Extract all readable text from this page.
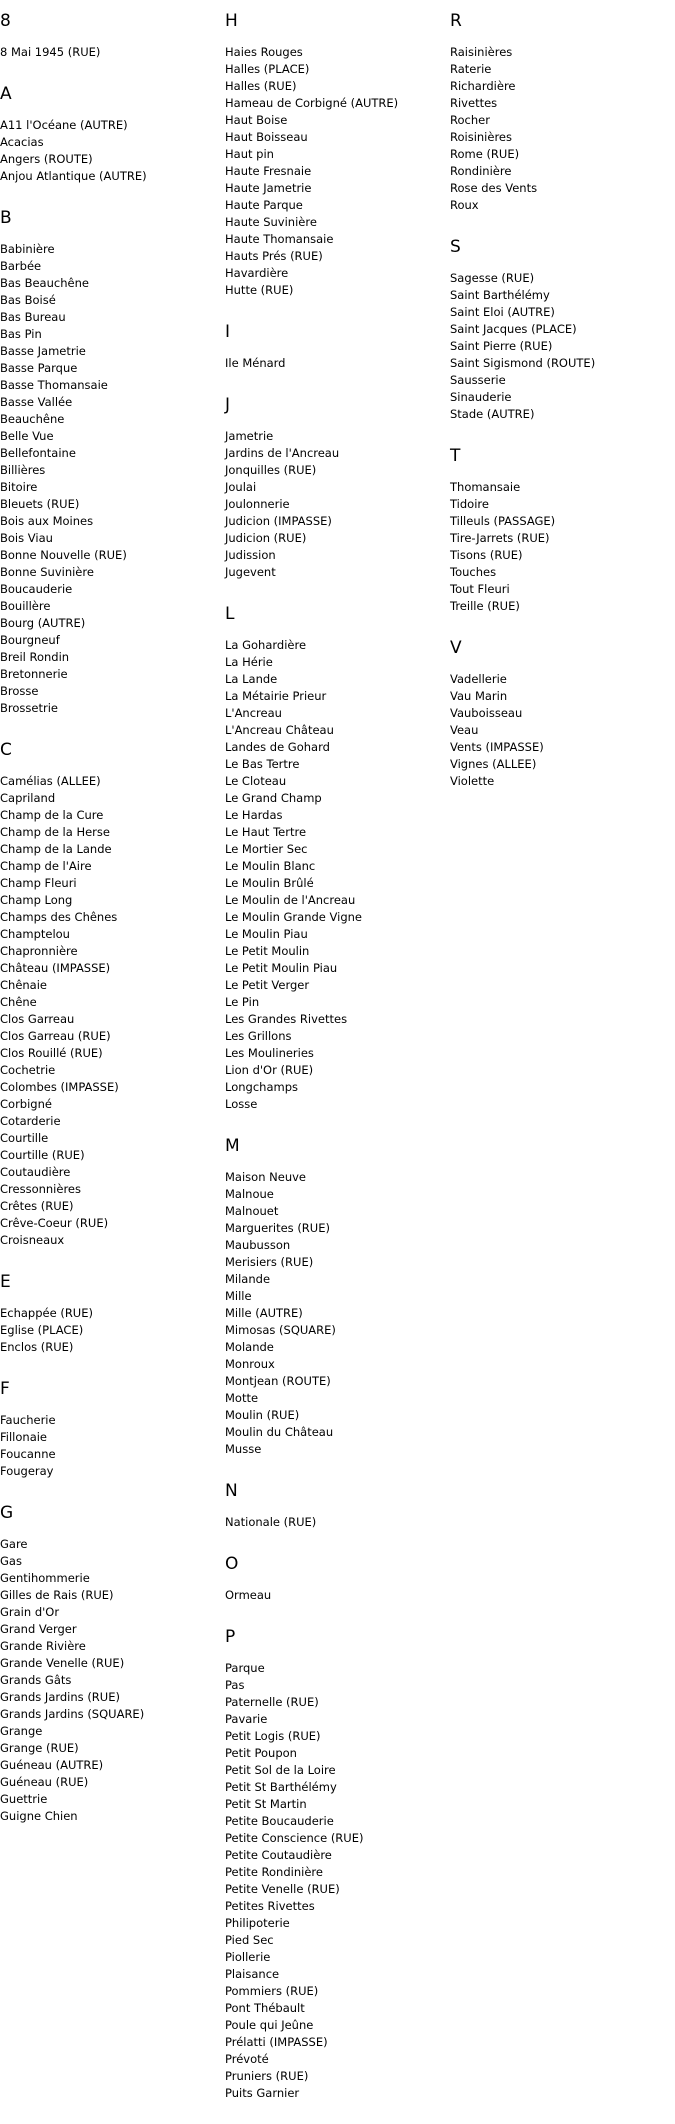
8
8 Mai 1945 (RUE)
A
A11 l'Océane (AUTRE)
Acacias
Angers (ROUTE)
Anjou Atlantique (AUTRE)
B
Babinière
Barbée
Bas Beauchêne
Bas Boisé
Bas Bureau
Bas Pin
Basse Jametrie
Basse Parque
Basse Thomansaie
Basse Vallée
Beauchêne
Belle Vue
Bellefontaine
Billières
Bitoire
Bleuets (RUE)
Bois aux Moines
Bois Viau
Bonne Nouvelle (RUE)
Bonne Suvinière
Boucauderie
Bouillère
Bourg (AUTRE)
Bourgneuf
Breil Rondin
Bretonnerie
Brosse
Brossetrie
C
Camélias (ALLEE)
Capriland
Champ de la Cure
Champ de la Herse
Champ de la Lande
Champ de l'Aire
Champ Fleuri
Champ Long
Champs des Chênes
Champtelou
Chapronnière
Château (IMPASSE)
Chênaie
Chêne
Clos Garreau
Clos Garreau (RUE)
Clos Rouillé (RUE)
Cochetrie
Colombes (IMPASSE)
Corbigné
Cotarderie
Courtille
Courtille (RUE)
Coutaudière
Cressonnières
Crêtes (RUE)
Crêve-Coeur (RUE)
Croisneaux
E
Echappée (RUE)
Eglise (PLACE)
Enclos (RUE)
F
Faucherie
Fillonaie
Foucanne
Fougeray
G
Gare
Gas
Gentihommerie
Gilles de Rais (RUE)
Grain d'Or
Grand Verger
Grande Rivière
Grande Venelle (RUE)
Grands Gâts
Grands Jardins (RUE)
Grands Jardins (SQUARE)
Grange
Grange (RUE)
Guéneau (AUTRE)
Guéneau (RUE)
Guettrie
Guigne Chien
H
Haies Rouges
Halles (PLACE)
Halles (RUE)
Hameau de Corbigné (AUTRE)
Haut Boise
Haut Boisseau
Haut pin
Haute Fresnaie
Haute Jametrie
Haute Parque
Haute Suvinière
Haute Thomansaie
Hauts Prés (RUE)
Havardière
Hutte (RUE)
I
Ile Ménard
J
Jametrie
Jardins de l'Ancreau
Jonquilles (RUE)
Joulai
Joulonnerie
Judicion (IMPASSE)
Judicion (RUE)
Judission
Jugevent
L
La Gohardière
La Hérie
La Lande
La Métairie Prieur
L'Ancreau
L'Ancreau Château
Landes de Gohard
Le Bas Tertre
Le Cloteau
Le Grand Champ
Le Hardas
Le Haut Tertre
Le Mortier Sec
Le Moulin Blanc
Le Moulin Brûlé
Le Moulin de l'Ancreau
Le Moulin Grande Vigne
Le Moulin Piau
Le Petit Moulin
Le Petit Moulin Piau
Le Petit Verger
Le Pin
Les Grandes Rivettes
Les Grillons
Les Moulineries
Lion d'Or (RUE)
Longchamps
Losse
M
Maison Neuve
Malnoue
Malnouet
Marguerites (RUE)
Maubusson
Merisiers (RUE)
Milande
Mille
Mille (AUTRE)
Mimosas (SQUARE)
Molande
Monroux
Montjean (ROUTE)
Motte
Moulin (RUE)
Moulin du Château
Musse
N
Nationale (RUE)
O
Ormeau
P
Parque
Pas
Paternelle (RUE)
Pavarie
Petit Logis (RUE)
Petit Poupon
Petit Sol de la Loire
Petit St Barthélémy
Petit St Martin
Petite Boucauderie
Petite Conscience (RUE)
Petite Coutaudière
Petite Rondinière
Petite Venelle (RUE)
Petites Rivettes
Philipoterie
Pied Sec
Piollerie
Plaisance
Pommiers (RUE)
Pont Thébault
Poule qui Jeûne
Prélatti (IMPASSE)
Prévoté
Pruniers (RUE)
Puits Garnier
R
Raisinières
Raterie
Richardière
Rivettes
Rocher
Roisinières
Rome (RUE)
Rondinière
Rose des Vents
Roux
S
Sagesse (RUE)
Saint Barthélémy
Saint Eloi (AUTRE)
Saint Jacques (PLACE)
Saint Pierre (RUE)
Saint Sigismond (ROUTE)
Sausserie
Sinauderie
Stade (AUTRE)
T
Thomansaie
Tidoire
Tilleuls (PASSAGE)
Tire-Jarrets (RUE)
Tisons (RUE)
Touches
Tout Fleuri
Treille (RUE)
V
Vadellerie
Vau Marin
Vauboisseau
Veau
Vents (IMPASSE)
Vignes (ALLEE)
Violette
